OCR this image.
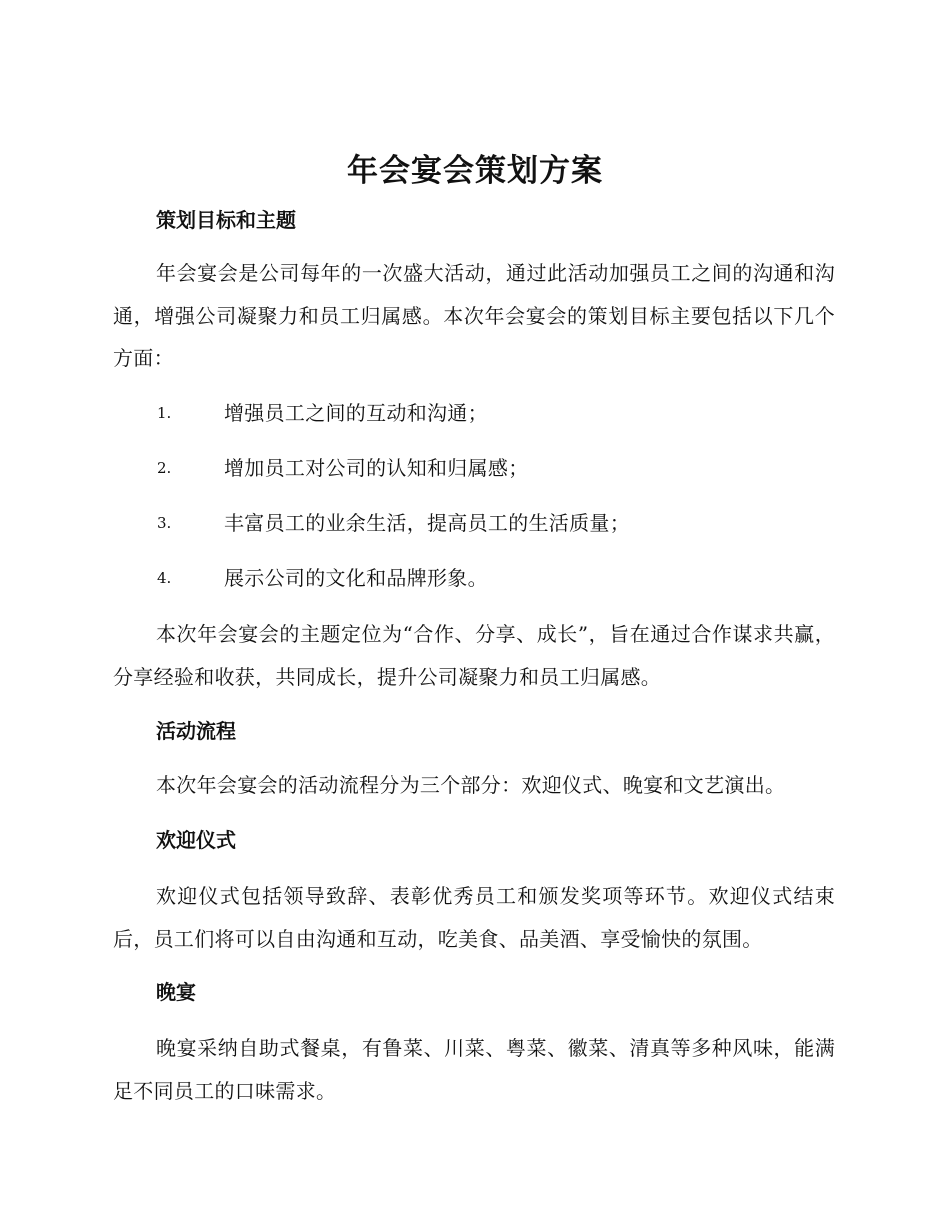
年会宴会策划方案
策划目标和主题
年会宴会是公司每年的一次盛大活动，通过此活动加强员工之间的沟通和沟通，增强公司凝聚力和员工归属感。本次年会宴会的策划目标主要包括以下几个方面：
1.	增强员工之间的互动和沟通；
2.	增加员工对公司的认知和归属感；
3.	丰富员工的业余生活，提高员工的生活质量；
4.	展示公司的文化和品牌形象。
本次年会宴会的主题定位为“合作、分享、成长”，旨在通过合作谋求共赢，分享经验和收获，共同成长，提升公司凝聚力和员工归属感。
活动流程
本次年会宴会的活动流程分为三个部分：欢迎仪式、晚宴和文艺演出。
欢迎仪式
欢迎仪式包括领导致辞、表彰优秀员工和颁发奖项等环节。欢迎仪式结束后，员工们将可以自由沟通和互动，吃美食、品美酒、享受愉快的氛围。
晚宴
晚宴采纳自助式餐桌，有鲁菜、川菜、粤菜、徽菜、清真等多种风味，能满足不同员工的口味需求。
